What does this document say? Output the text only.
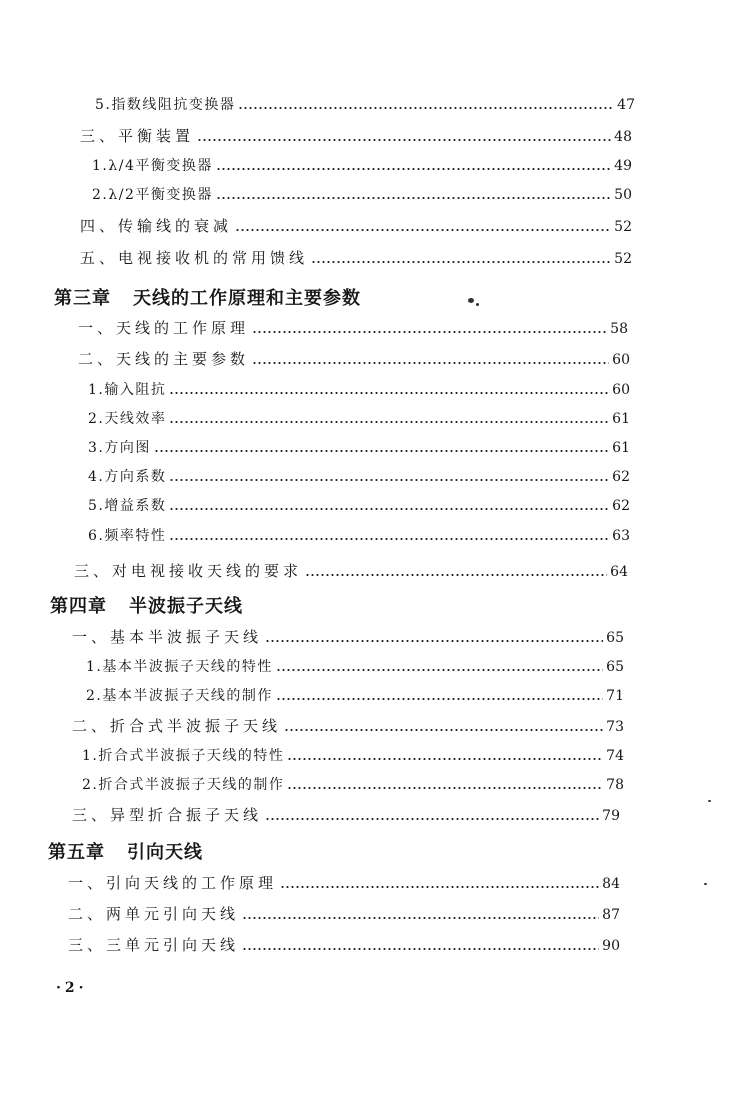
5.指数线阻抗变换器	47
三、平衡装置	48
1.λ/4平衡变换器	49
2.λ/2平衡变换器	50
四、传输线的衰减	52
五、电视接收机的常用馈线	52
第三章 天线的工作原理和主要参数
一、天线的工作原理	58
二、天线的主要参数	60
1.输入阻抗	60
2.天线效率	61
3.方向图	61
4.方向系数	62
5.增益系数	62
6.频率特性	63
三、对电视接收天线的要求	64
第四章 半波振子天线
一、基本半波振子天线	65
1.基本半波振子天线的特性	65
2.基本半波振子天线的制作	71
二、折合式半波振子天线	73
1.折合式半波振子天线的特性	74
2.折合式半波振子天线的制作	78
三、异型折合振子天线	79
第五章 引向天线
一、引向天线的工作原理	84
二、两单元引向天线	87
三、三单元引向天线	90
·2·
